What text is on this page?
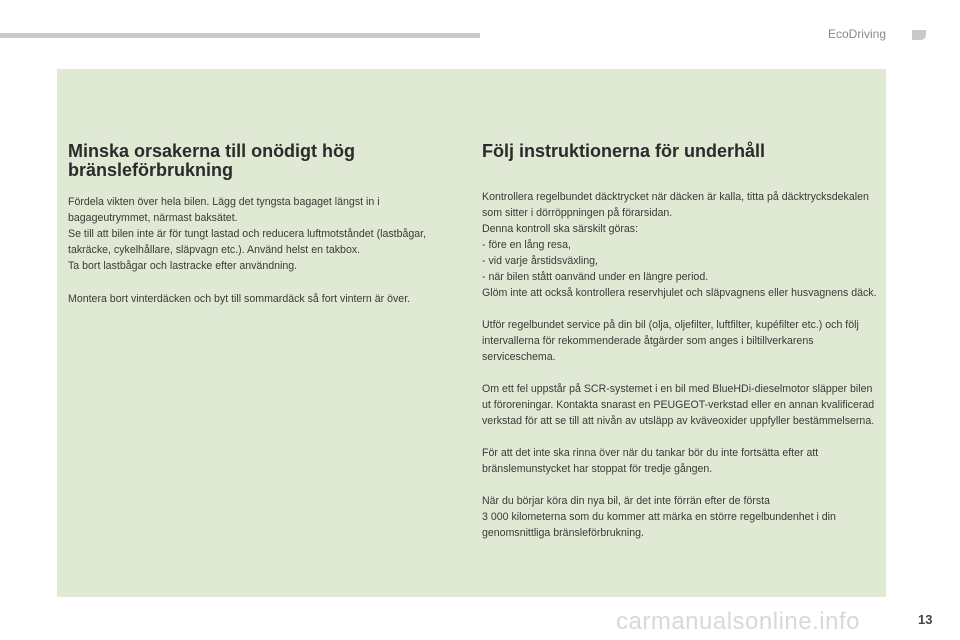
EcoDriving
Minska orsakerna till onödigt hög bränsleförbrukning

Fördela vikten över hela bilen. Lägg det tyngsta bagaget längst in i bagageutrymmet, närmast baksätet.
Se till att bilen inte är för tungt lastad och reducera luftmotståndet (lastbågar, takräcke, cykelhållare, släpvagn etc.). Använd helst en takbox.
Ta bort lastbågar och lastracke efter användning.

Montera bort vinterdäcken och byt till sommardäck så fort vintern är över.

Följ instruktionerna för underhåll

Kontrollera regelbundet däcktrycket när däcken är kalla, titta på däcktrycksdekalen som sitter i dörröppningen på förarsidan.
Denna kontroll ska särskilt göras:
- före en lång resa,
- vid varje årstidsväxling,
- när bilen stått oanvänd under en längre period.
Glöm inte att också kontrollera reservhjulet och släpvagnens eller husvagnens däck.

Utför regelbundet service på din bil (olja, oljefilter, luftfilter, kupéfilter etc.) och följ intervallerna för rekommenderade åtgärder som anges i biltillverkarens serviceschema.

Om ett fel uppstår på SCR-systemet i en bil med BlueHDi-dieselmotor släpper bilen ut föroreningar. Kontakta snarast en PEUGEOT-verkstad eller en annan kvalificerad verkstad för att se till att nivån av utsläpp av kväveoxider uppfyller bestämmelserna.

För att det inte ska rinna över när du tankar bör du inte fortsätta efter att bränslemunstycket har stoppat för tredje gången.

När du börjar köra din nya bil, är det inte förrän efter de första
3 000 kilometerna som du kommer att märka en större regelbundenhet i din genomsnittliga bränsleförbrukning.

carmanualsonline.info	13
